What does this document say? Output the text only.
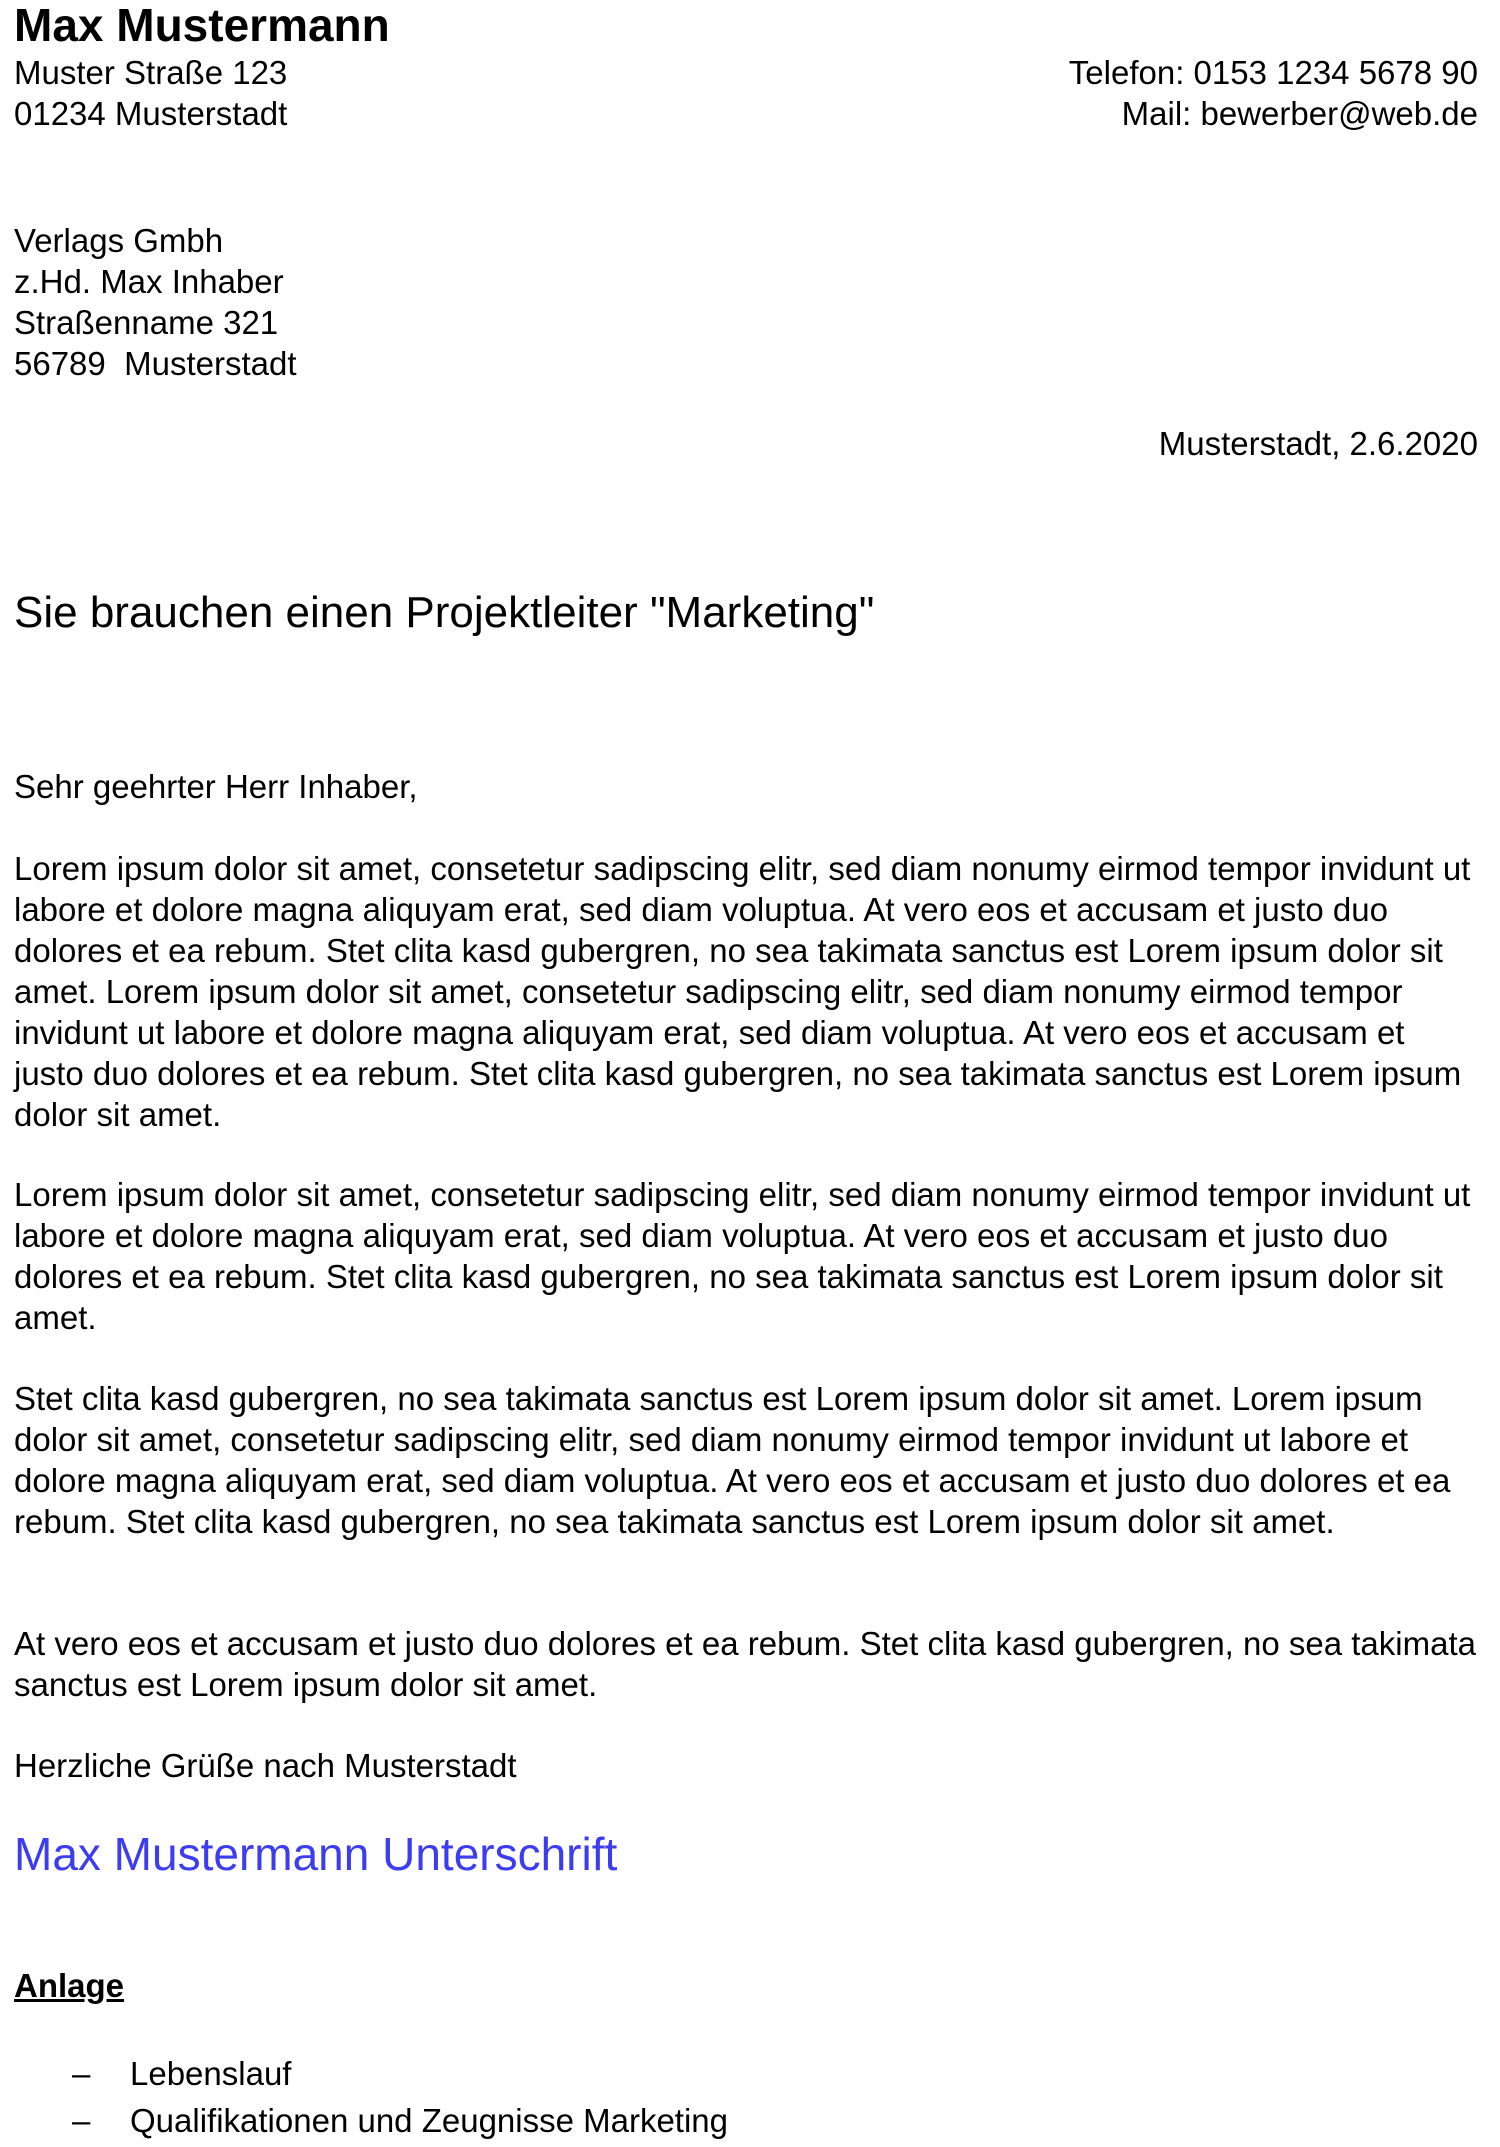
Max Mustermann
Muster Straße 123
01234 Musterstadt
Telefon: 0153 1234 5678 90
Mail: bewerber@web.de
Verlags Gmbh
z.Hd. Max Inhaber
Straßenname 321
56789  Musterstadt
Musterstadt, 2.6.2020
Sie brauchen einen Projektleiter "Marketing"
Sehr geehrter Herr Inhaber,

Lorem ipsum dolor sit amet, consetetur sadipscing elitr, sed diam nonumy eirmod tempor invidunt ut labore et dolore magna aliquyam erat, sed diam voluptua. At vero eos et accusam et justo duo dolores et ea rebum. Stet clita kasd gubergren, no sea takimata sanctus est Lorem ipsum dolor sit amet. Lorem ipsum dolor sit amet, consetetur sadipscing elitr, sed diam nonumy eirmod tempor invidunt ut labore et dolore magna aliquyam erat, sed diam voluptua. At vero eos et accusam et justo duo dolores et ea rebum. Stet clita kasd gubergren, no sea takimata sanctus est Lorem ipsum dolor sit amet.

Lorem ipsum dolor sit amet, consetetur sadipscing elitr, sed diam nonumy eirmod tempor invidunt ut labore et dolore magna aliquyam erat, sed diam voluptua. At vero eos et accusam et justo duo dolores et ea rebum. Stet clita kasd gubergren, no sea takimata sanctus est Lorem ipsum dolor sit amet.

Stet clita kasd gubergren, no sea takimata sanctus est Lorem ipsum dolor sit amet. Lorem ipsum dolor sit amet, consetetur sadipscing elitr, sed diam nonumy eirmod tempor invidunt ut labore et dolore magna aliquyam erat, sed diam voluptua. At vero eos et accusam et justo duo dolores et ea rebum. Stet clita kasd gubergren, no sea takimata sanctus est Lorem ipsum dolor sit amet.

At vero eos et accusam et justo duo dolores et ea rebum. Stet clita kasd gubergren, no sea takimata sanctus est Lorem ipsum dolor sit amet.

Herzliche Grüße nach Musterstadt
Max Mustermann Unterschrift
Anlage
– Lebenslauf
– Qualifikationen und Zeugnisse Marketing
